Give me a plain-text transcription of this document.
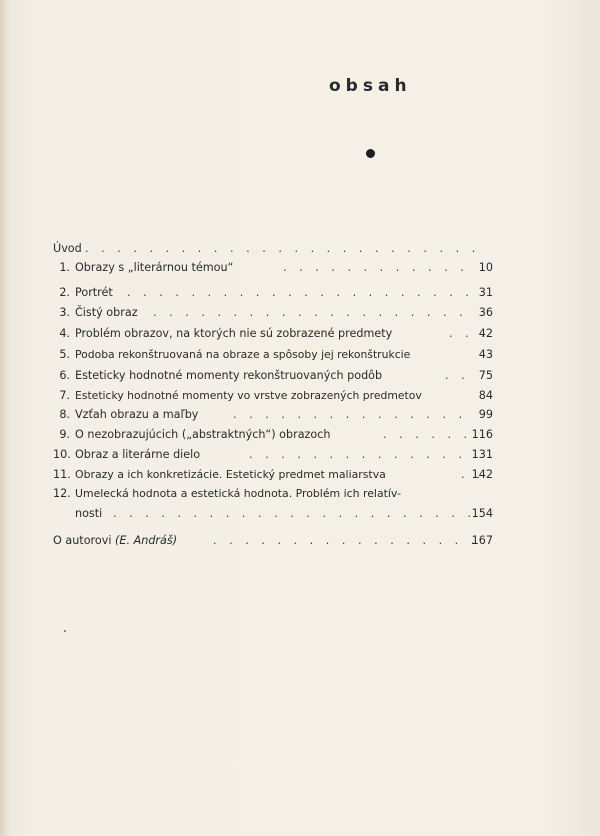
obsah
Úvod
. . .
1. Obrazy s „literárnou témou“ . . .	10
2. Portrét . . .	31
3. Čistý obraz . . .	36
4. Problém obrazov, na ktorých nie sú zobrazené predmety . . .	42
5. Podoba rekonštruovaná na obraze a spôsoby jej rekonštrukcie	43
6. Esteticky hodnotné momenty rekonštruovaných podôb . . .	75
7. Esteticky hodnotné momenty vo vrstve zobrazených predmetov	84
8. Vzťah obrazu a maľby . . .	99
9. O nezobrazujúcich („abstraktných“) obrazoch . . .	116
10. Obraz a literárne dielo . . .	131
11. Obrazy a ich konkretizácie. Estetický predmet maliarstva . . .	142
12. Umelecká hodnota a estetická hodnota. Problém ich relatív-
nosti . . .	154
O autorovi (E. Andráš) . . .	167
